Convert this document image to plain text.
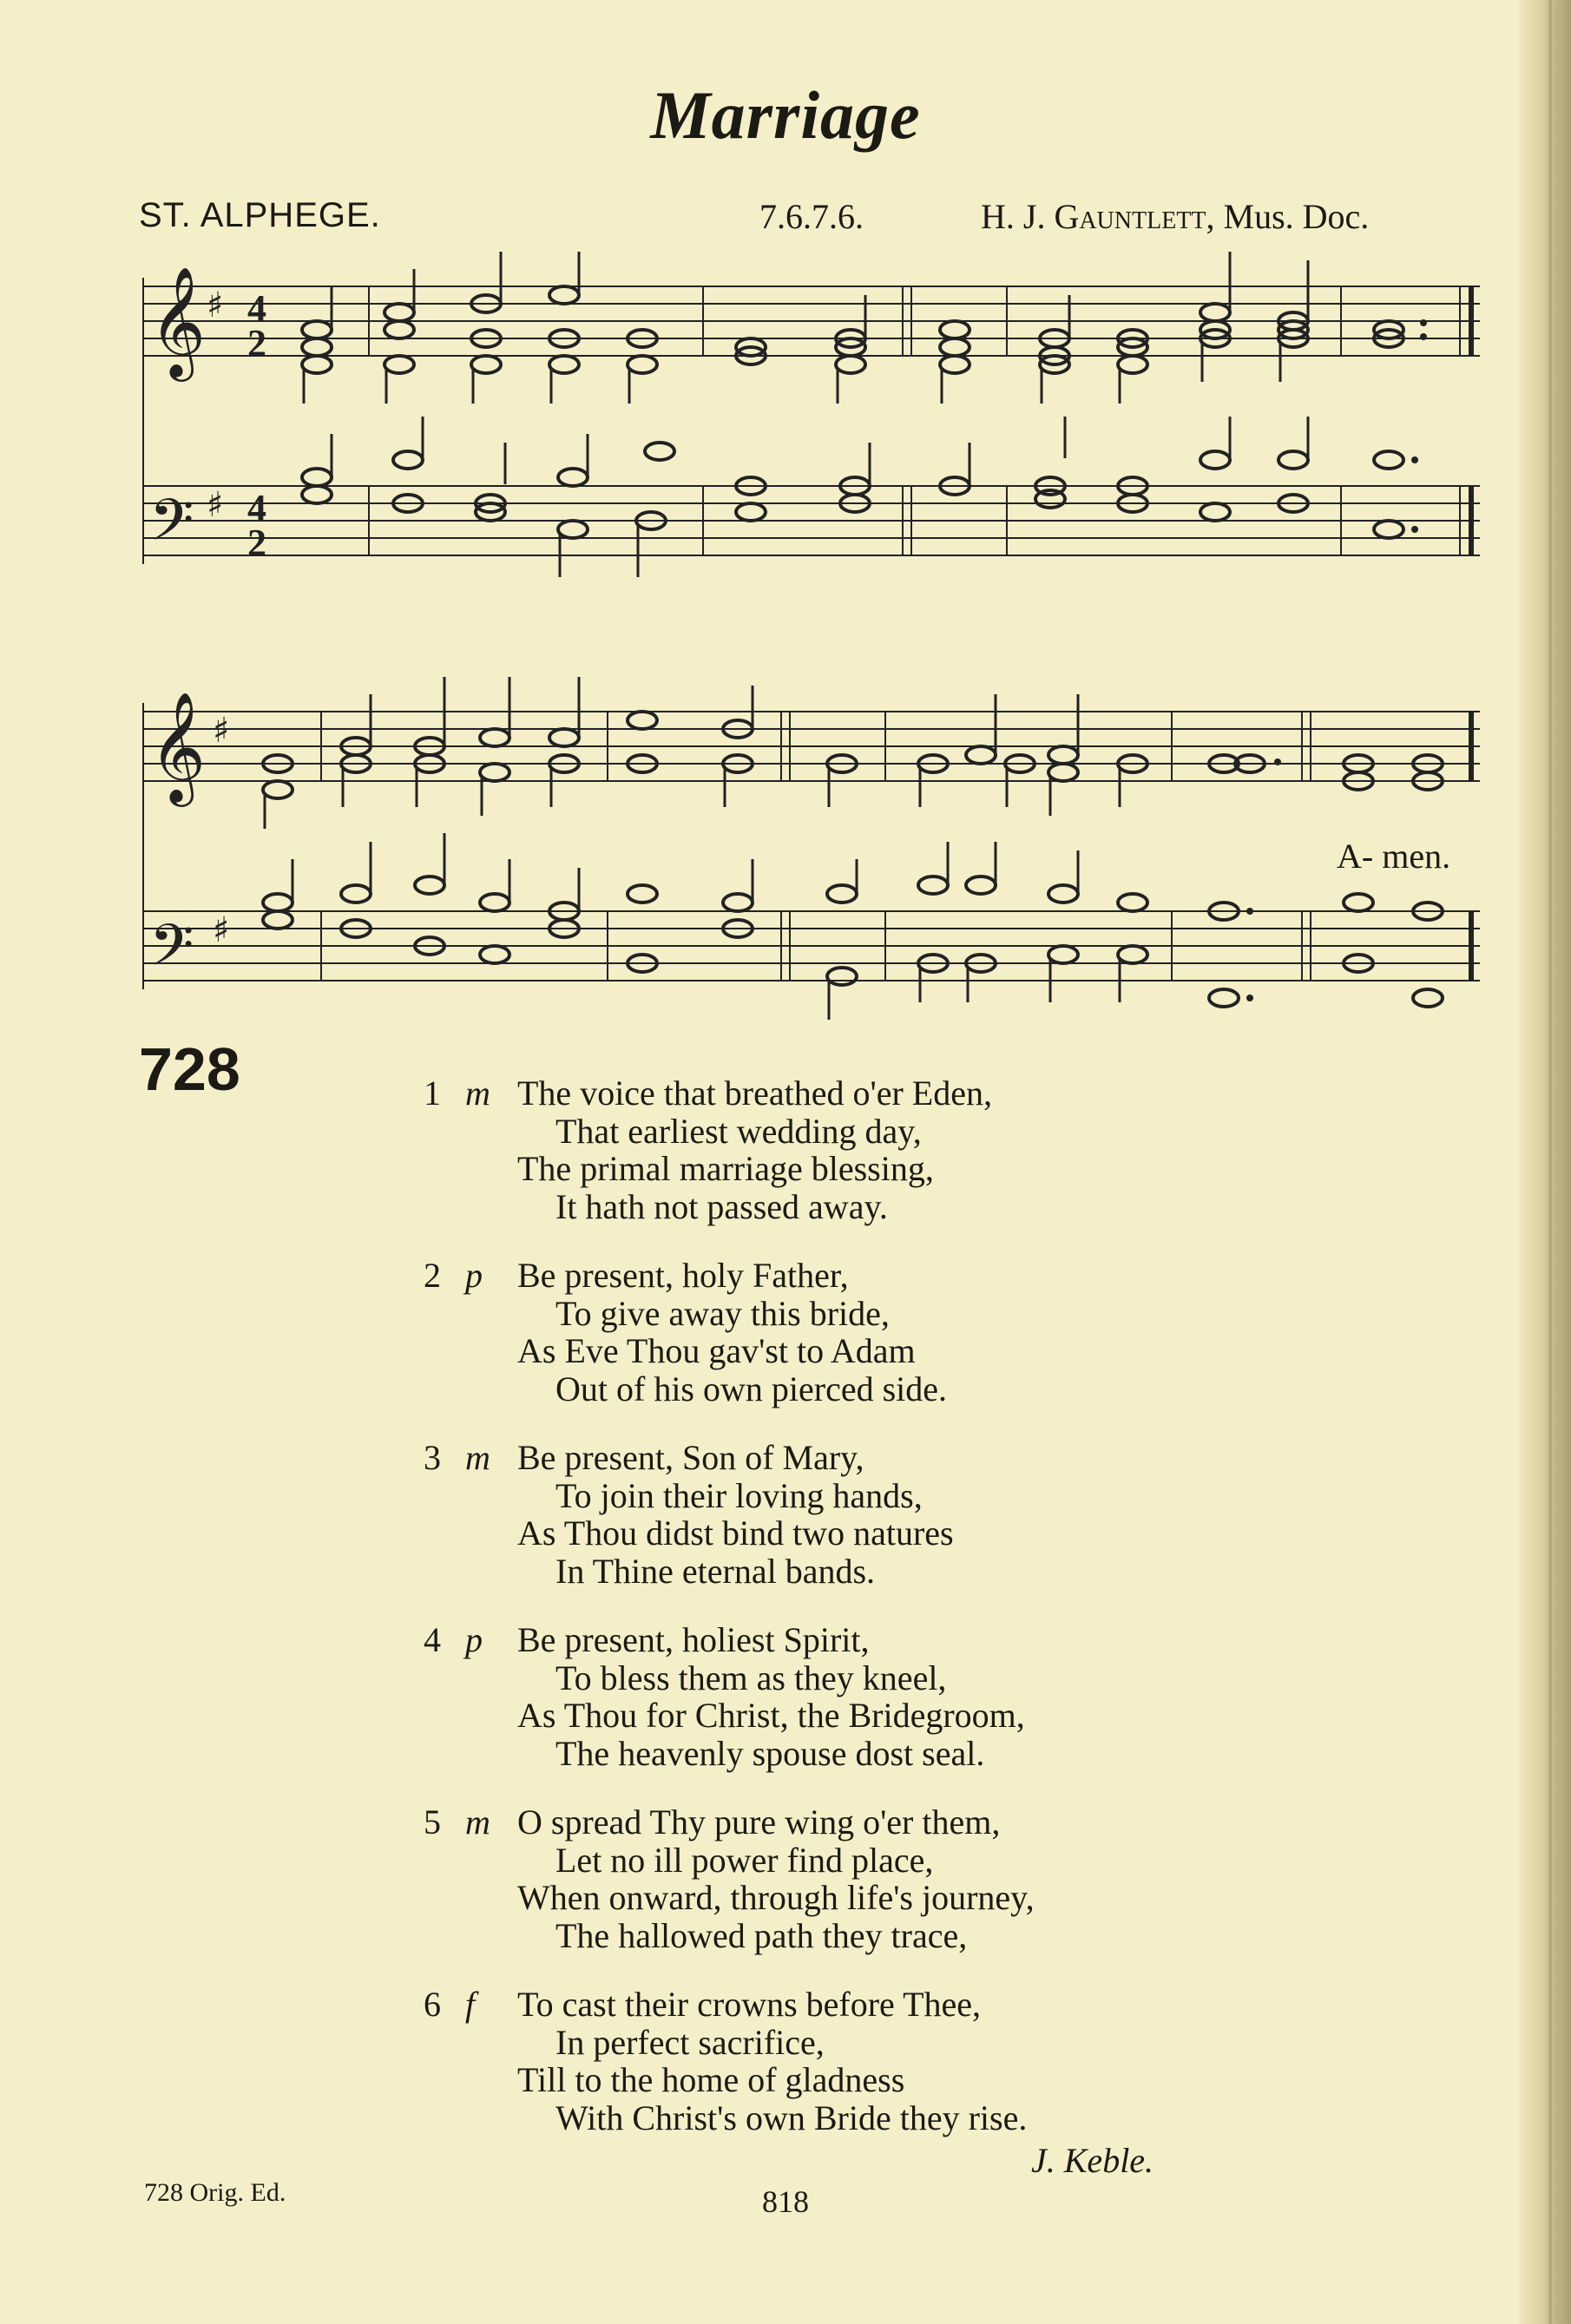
Marriage
ST. ALPHEGE.	7.6.7.6.	H. J. Gauntlett, Mus. Doc.
𝄞
𝄢
♯
♯
4
2
4
2
𝄞
𝄢
♯
♯
A- men.
728	1 m The voice that breathed o'er Eden,
That earliest wedding day,
The primal marriage blessing,
It hath not passed away.
2 p Be present, holy Father,
To give away this bride,
As Eve Thou gav'st to Adam
Out of his own pierced side.
3 m Be present, Son of Mary,
To join their loving hands,
As Thou didst bind two natures
In Thine eternal bands.
4 p Be present, holiest Spirit,
To bless them as they kneel,
As Thou for Christ, the Bridegroom,
The heavenly spouse dost seal.
5 m O spread Thy pure wing o'er them,
Let no ill power find place,
When onward, through life's journey,
The hallowed path they trace,
6 f To cast their crowns before Thee,
In perfect sacrifice,
Till to the home of gladness
With Christ's own Bride they rise.
J. Keble.
728 Orig. Ed.	818
